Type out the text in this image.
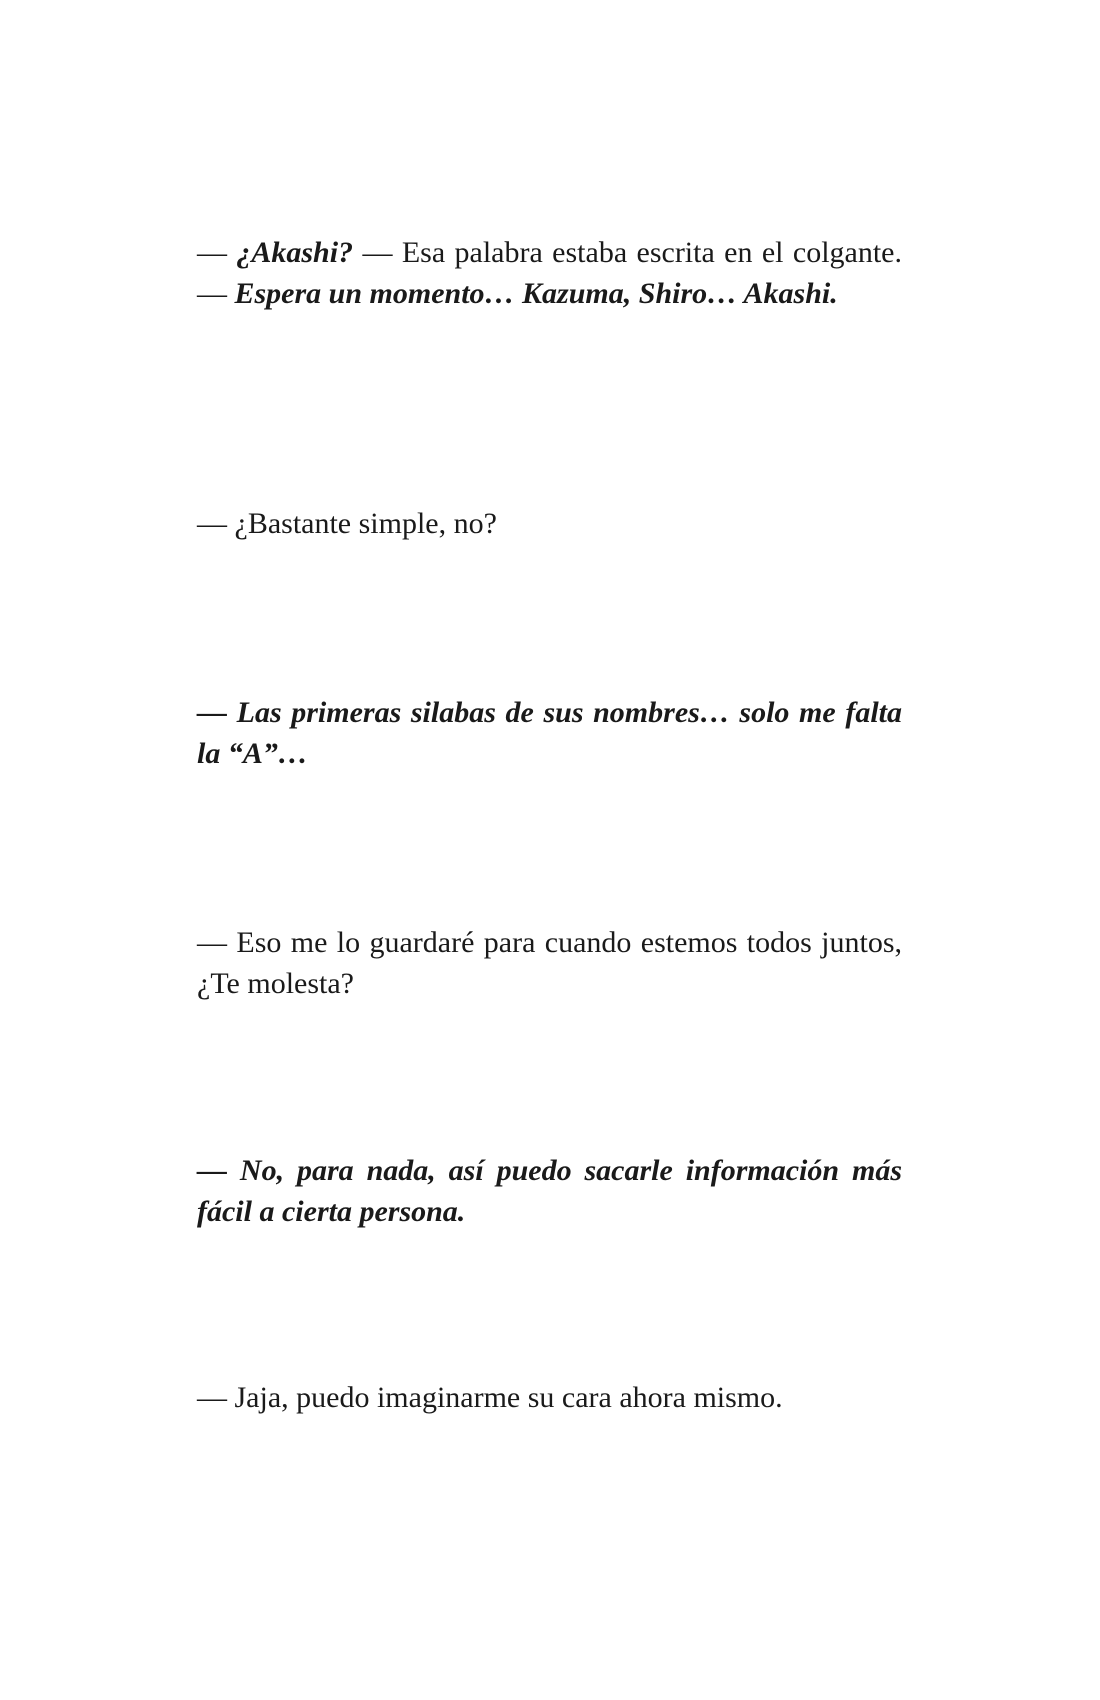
— ¿Akashi? — Esa palabra estaba escrita en el colgante. — Espera un momento… Kazuma, Shiro… Akashi.

— ¿Bastante simple, no?

— Las primeras silabas de sus nombres… solo me falta la “A”…

— Eso me lo guardaré para cuando estemos todos juntos, ¿Te molesta?

— No, para nada, así puedo sacarle información más fácil a cierta persona.

— Jaja, puedo imaginarme su cara ahora mismo.
